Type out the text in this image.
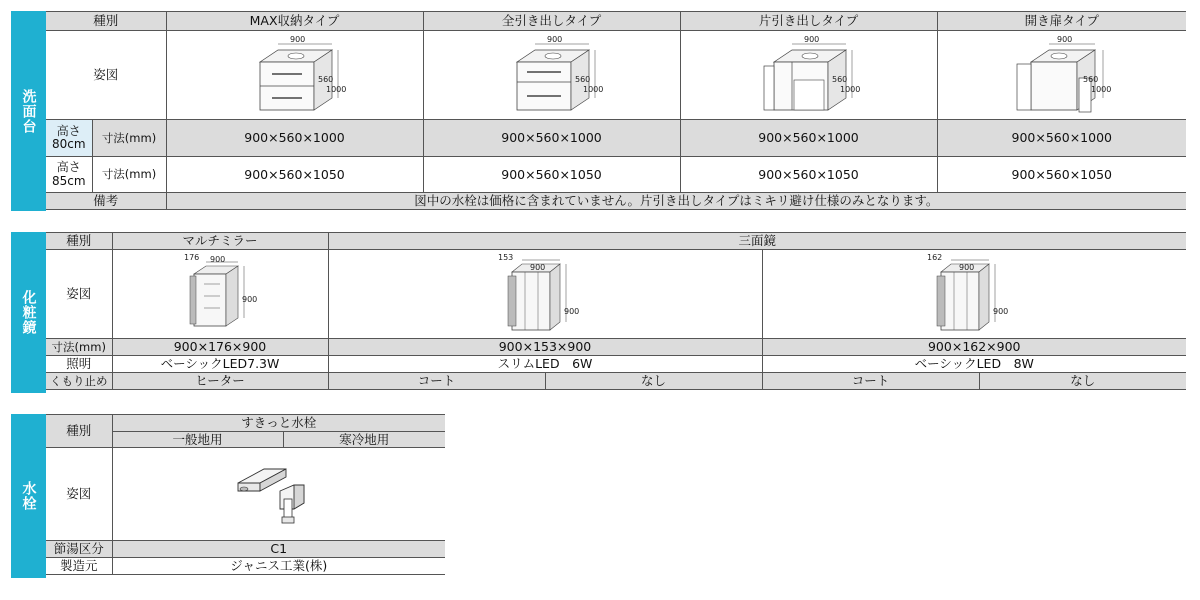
洗面台
種別		MAX収納タイプ	全引き出しタイプ	片引き出しタイプ	開き扉タイプ
姿図		900
560
1000	900
560
1000	900
560
1000	900
560
1000

高さ
80cm	寸法(mm)	900×560×1000	900×560×1000	900×560×1000	900×560×1000
高さ
85cm	寸法(mm)	900×560×1050	900×560×1050	900×560×1050	900×560×1050
備考		図中の水栓は価格に含まれていません。片引き出しタイプはミキリ避け仕様のみとなります。			
化粧鏡
種別	マルチミラー	三面鏡			
姿図	176 900
900	153
900
900		162
900
900	

寸法(mm)	900×176×900	900×153×900		900×162×900	
照明	ベーシックLED7.3W	スリムLED　6W		ベーシックLED　8W	
くもり止め	ヒーター	コート	なし	コート	なし
水栓
種別	すきっと水栓	
	一般地用	寒冷地用
姿図	

節湯区分	C1	
製造元	ジャニス工業(株)	
